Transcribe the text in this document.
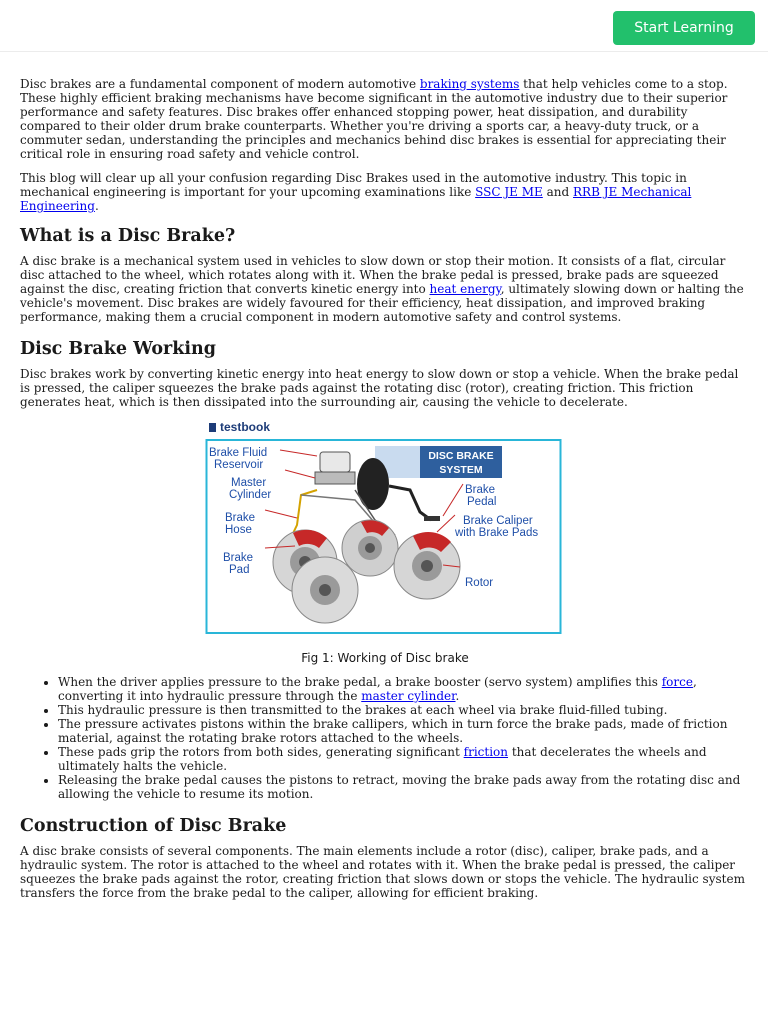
Start Learning

Disc brakes are a fundamental component of modern automotive braking systems that help vehicles come to a stop. These highly efficient braking mechanisms have become significant in the automotive industry due to their superior performance and safety features. Disc brakes offer enhanced stopping power, heat dissipation, and durability compared to their older drum brake counterparts. Whether you're driving a sports car, a heavy-duty truck, or a commuter sedan, understanding the principles and mechanics behind disc brakes is essential for appreciating their critical role in ensuring road safety and vehicle control.

This blog will clear up all your confusion regarding Disc Brakes used in the automotive industry. This topic in mechanical engineering is important for your upcoming examinations like SSC JE ME and RRB JE Mechanical Engineering.

What is a Disc Brake?

A disc brake is a mechanical system used in vehicles to slow down or stop their motion. It consists of a flat, circular disc attached to the wheel, which rotates along with it. When the brake pedal is pressed, brake pads are squeezed against the disc, creating friction that converts kinetic energy into heat energy, ultimately slowing down or halting the vehicle's movement. Disc brakes are widely favoured for their efficiency, heat dissipation, and improved braking performance, making them a crucial component in modern automotive safety and control systems.

Disc Brake Working

Disc brakes work by converting kinetic energy into heat energy to slow down or stop a vehicle. When the brake pedal is pressed, the caliper squeezes the brake pads against the rotating disc (rotor), creating friction. This friction generates heat, which is then dissipated into the surrounding air, causing the vehicle to decelerate.

testbook
DISC BRAKE
SYSTEM
Brake Fluid
Reservoir
Master
Cylinder
Brake
Hose
Brake
Pad
Brake
Pedal
Brake Caliper
with Brake Pads
Rotor
Fig 1: Working of Disc brake
• When the driver applies pressure to the brake pedal, a brake booster (servo system) amplifies this force, converting it into hydraulic pressure through the master cylinder.
• This hydraulic pressure is then transmitted to the brakes at each wheel via brake fluid-filled tubing.
• The pressure activates pistons within the brake callipers, which in turn force the brake pads, made of friction material, against the rotating brake rotors attached to the wheels.
• These pads grip the rotors from both sides, generating significant friction that decelerates the wheels and ultimately halts the vehicle.
• Releasing the brake pedal causes the pistons to retract, moving the brake pads away from the rotating disc and allowing the vehicle to resume its motion.
Construction of Disc Brake

A disc brake consists of several components. The main elements include a rotor (disc), caliper, brake pads, and a hydraulic system. The rotor is attached to the wheel and rotates with it. When the brake pedal is pressed, the caliper squeezes the brake pads against the rotor, creating friction that slows down or stops the vehicle. The hydraulic system transfers the force from the brake pedal to the caliper, allowing for efficient braking.
